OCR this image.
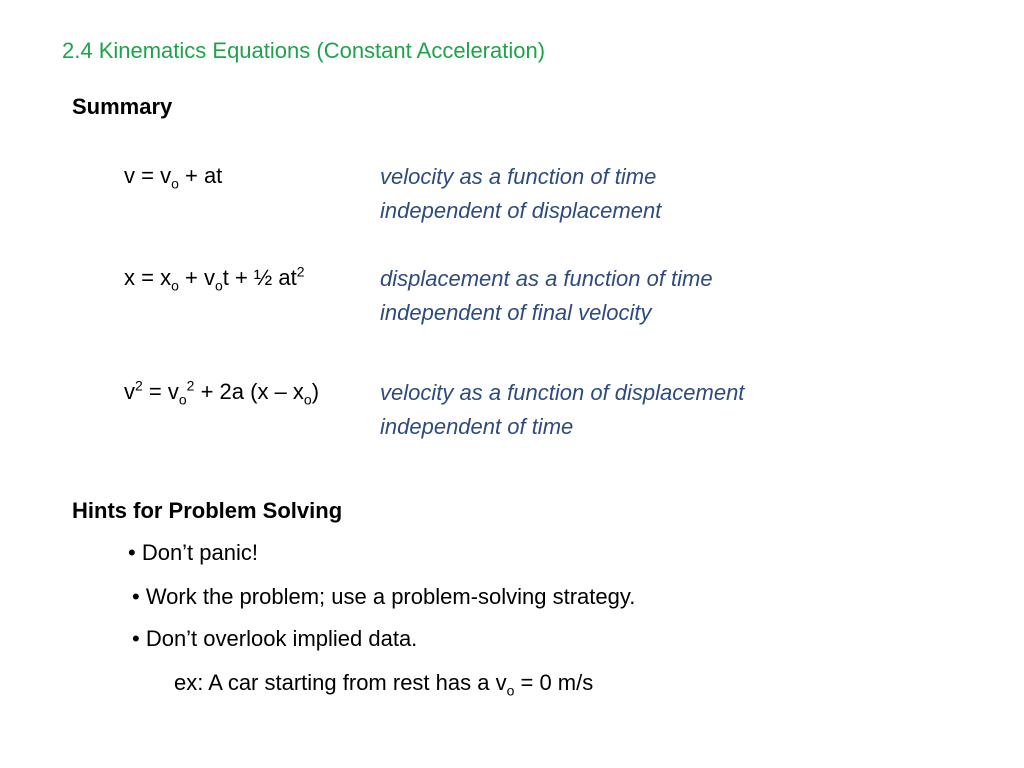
2.4 Kinematics Equations (Constant Acceleration)
Summary
$v = v_o$ + at	velocity as a function of time
independent of displacement
$x = x_o + v_ot$ + ½ $at^2$	displacement as a function of time
independent of final velocity
$v^2 = v_o^2 + 2a$ $(x - x_o)$	velocity as a function of displacement
independent of time
Hints for Problem Solving
• Don’t panic!
• Work the problem; use a problem-solving strategy.
• Don’t overlook implied data.
ex: A car starting from rest has a $v_o = 0$ m/s
